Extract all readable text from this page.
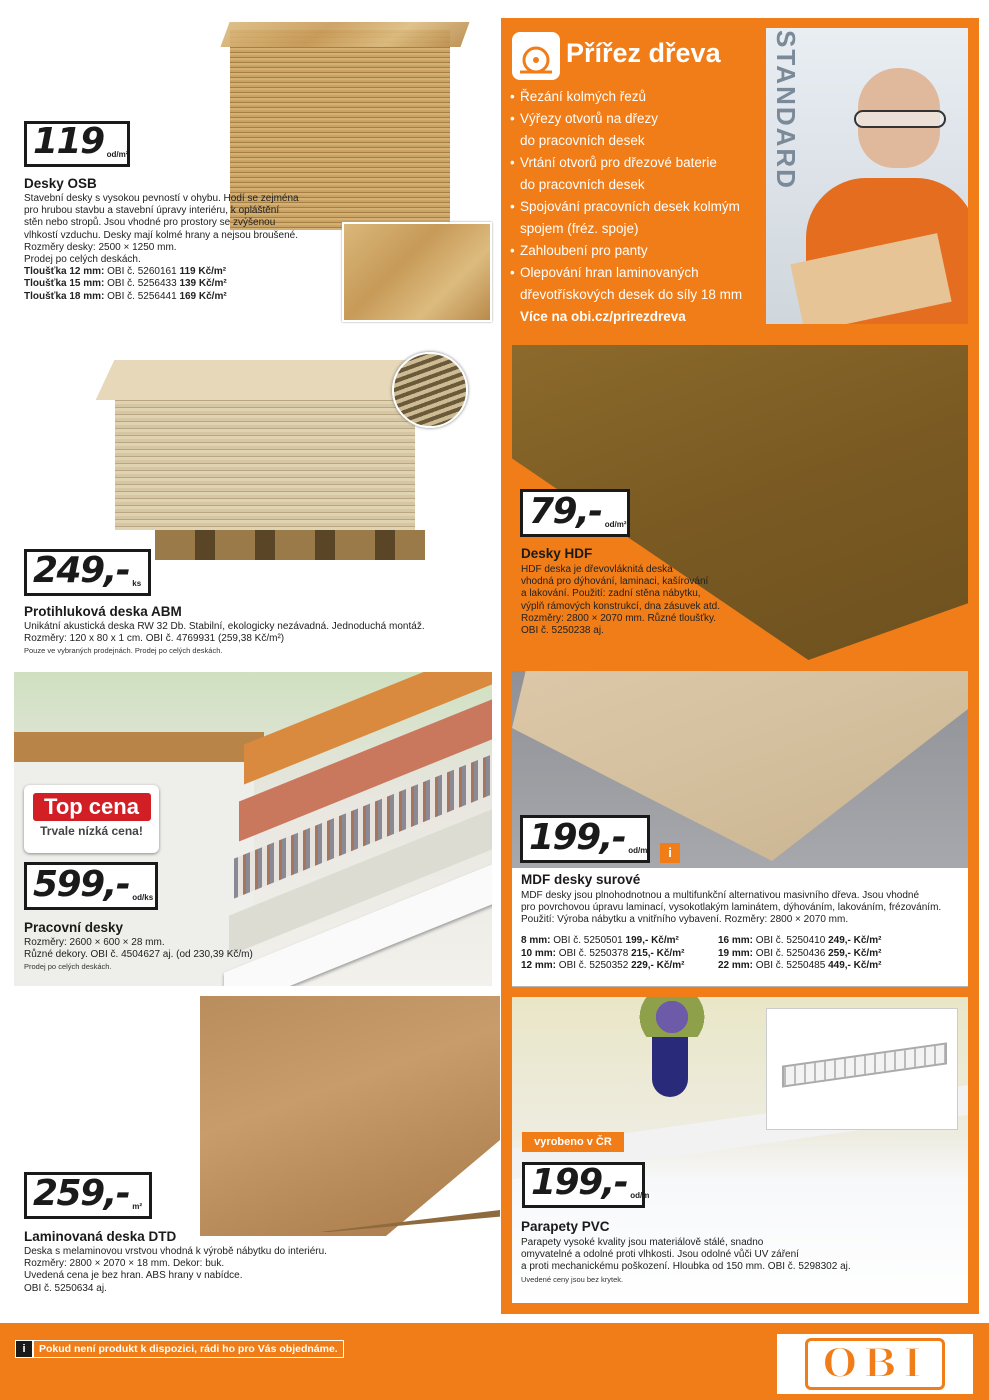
119 od/m²
Desky OSB
Stavební desky s vysokou pevností v ohybu. Hodí se zejména
pro hrubou stavbu a stavební úpravy interiéru, k opláštění
stěn nebo stropů. Jsou vhodné pro prostory se zvýšenou
vlhkostí vzduchu. Desky mají kolmé hrany a nejsou broušené.
Rozměry desky: 2500 × 1250 mm.
Prodej po celých deskách.
Tloušťka 12 mm: OBI č. 5260161 119 Kč/m²
Tloušťka 15 mm: OBI č. 5256433 139 Kč/m²
Tloušťka 18 mm: OBI č. 5256441 169 Kč/m²
249,- ks
Protihluková deska ABM
Unikátní akustická deska RW 32 Db. Stabilní, ekologicky nezávadná. Jednoduchá montáž.
Rozměry: 120 x 80 x 1 cm. OBI č. 4769931 (259,38 Kč/m²)
Pouze ve vybraných prodejnách. Prodej po celých deskách.
Přířez dřeva
• Řezání kolmých řezů
• Výřezy otvorů na dřezy
do pracovních desek
• Vrtání otvorů pro dřezové baterie
do pracovních desek
• Spojování pracovních desek kolmým
spojem (fréz. spoje)
• Zahloubení pro panty
• Olepování hran laminovaných
dřevotřískových desek do síly 18 mm
Více na obi.cz/prirezdreva
STANDARD
79,- od/m²
Desky HDF
HDF deska je dřevovláknitá deska
vhodná pro dýhování, laminaci, kašírování
a lakování. Použití: zadní stěna nábytku,
výplň rámových konstrukcí, dna zásuvek atd.
Rozměry: 2800 × 2070 mm. Různé tloušťky.
OBI č. 5250238 aj.
199,- od/m²	i
MDF desky surové
MDF desky jsou plnohodnotnou a multifunkční alternativou masivního dřeva. Jsou vhodné
pro povrchovou úpravu laminací, vysokotlakým laminátem, dýhováním, lakováním, frézováním.
Použití: Výroba nábytku a vnitřního vybavení. Rozměry: 2800 × 2070 mm.
8 mm: OBI č. 5250501 199,- Kč/m²	16 mm: OBI č. 5250410 249,- Kč/m²
10 mm: OBI č. 5250378 215,- Kč/m²	19 mm: OBI č. 5250436 259,- Kč/m²
12 mm: OBI č. 5250352 229,- Kč/m²	22 mm: OBI č. 5250485 449,- Kč/m²
Top cena
Trvale nízká cena!
599,- od/ks
Pracovní desky
Rozměry: 2600 × 600 × 28 mm.
Různé dekory. OBI č. 4504627 aj. (od 230,39 Kč/m)
Prodej po celých deskách.
259,- m²
Laminovaná deska DTD
Deska s melaminovou vrstvou vhodná k výrobě nábytku do interiéru.
Rozměry: 2800 × 2070 × 18 mm. Dekor: buk.
Uvedená cena je bez hran. ABS hrany v nabídce.
OBI č. 5250634 aj.
vyrobeno v ČR
199,- od/m
Parapety PVC
Parapety vysoké kvality jsou materiálově stálé, snadno
omyvatelné a odolné proti vlhkosti. Jsou odolné vůči UV záření
a proti mechanickému poškození. Hloubka od 150 mm. OBI č. 5298302 aj.
Uvedené ceny jsou bez krytek.
i	Pokud není produkt k dispozici, rádi ho pro Vás objednáme.	OBI
